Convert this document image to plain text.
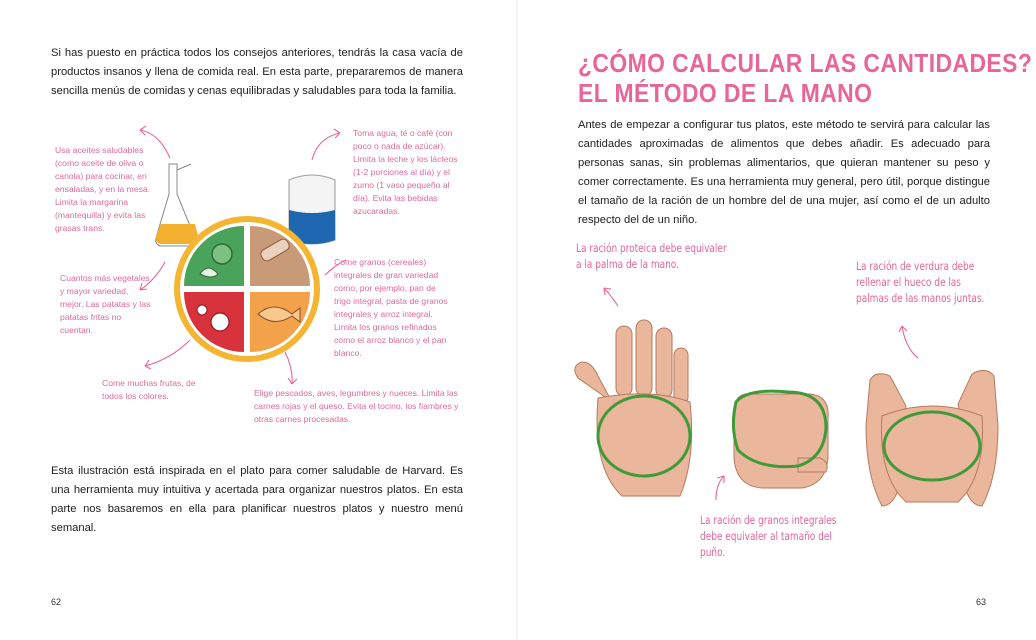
Si has puesto en práctica todos los consejos anteriores, tendrás la casa vacía de productos insanos y llena de comida real. En esta parte, prepararemos de manera sencilla menús de comidas y cenas equilibradas y saludables para toda la familia.

Usa aceites saludables (como aceite de oliva o canola) para cocinar, en ensaladas, y en la mesa. Limita la margarina (mantequilla) y evita las grasas trans.
Toma agua, té o café (con poco o nada de azúcar). Limita la leche y los lácteos (1-2 porciones al día) y el zumo (1 vaso pequeño al día). Evita las bebidas azucaradas.
Cuantos más vegetales y mayor variedad, mejor. Las patatas y las patatas fritas no cuentan.
Come granos (cereales) integrales de gran variedad como, por ejemplo, pan de trigo integral, pasta de granos integrales y arroz integral. Limita los granos refinados como el arroz blanco y el pan blanco.
Come muchas frutas, de todos los colores.	Elige pescados, aves, legumbres y nueces. Limita las carnes rojas y el queso. Evita el tocino, los fiambres y otras carnes procesadas.

Esta ilustración está inspirada en el plato para comer saludable de Harvard. Es una herramienta muy intuitiva y acertada para organizar nuestros platos. En esta parte nos basaremos en ella para planificar nuestros platos y nuestro menú semanal.

62
¿CÓMO CALCULAR LAS CANTIDADES?
EL MÉTODO DE LA MANO

Antes de empezar a configurar tus platos, este método te servirá para calcular las cantidades aproximadas de alimentos que debes añadir. Es adecuado para personas sanas, sin problemas alimentarios, que quieran mantener su peso y comer correctamente. Es una herramienta muy general, pero útil, porque distingue el tamaño de la ración de un hombre del de una mujer, así como el de un adulto respecto del de un niño.

La ración proteica debe equivaler
a la palma de la mano.	La ración de verdura debe
rellenar el hueco de las
palmas de las manos juntas.
La ración de granos integrales
debe equivaler al tamaño del
puño.
63
